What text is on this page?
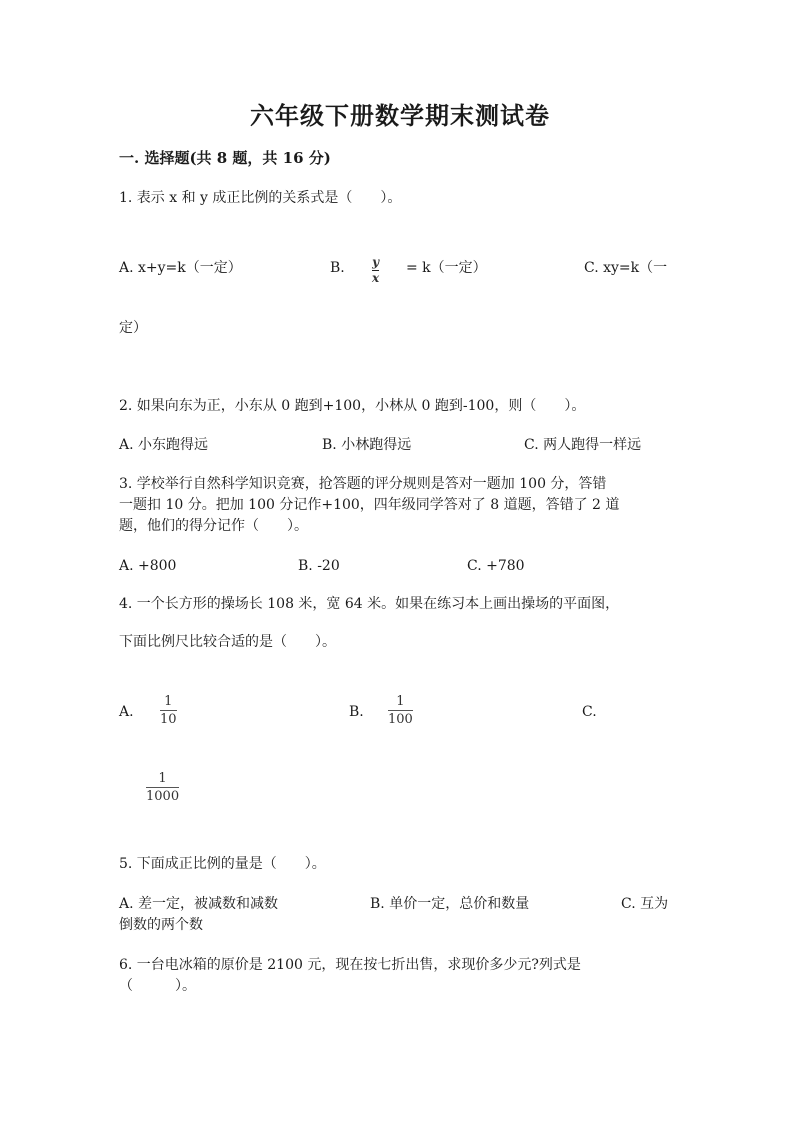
六年级下册数学期末测试卷
一. 选择题(共 8 题，共 16 分)
1. 表示 x 和 y 成正比例的关系式是（　　）。
A. x+y=k（一定）	B. y
x
= k（一定）	C. xy=k（一
定）
2. 如果向东为正，小东从 0 跑到+100，小林从 0 跑到-100，则（　　）。
A. 小东跑得远	B. 小林跑得远	C. 两人跑得一样远
3. 学校举行自然科学知识竞赛，抢答题的评分规则是答对一题加 100 分，答错
一题扣 10 分。把加 100 分记作+100，四年级同学答对了 8 道题，答错了 2 道
题，他们的得分记作（　　）。
A. +800	B. -20	C. +780
4. 一个长方形的操场长 108 米，宽 64 米。如果在练习本上画出操场的平面图，
下面比例尺比较合适的是（　　）。
A.
1
10	B.
1
100	C.
1
1000
5. 下面成正比例的量是（　　）。
A. 差一定，被减数和减数	B. 单价一定，总价和数量	C. 互为
倒数的两个数
6. 一台电冰箱的原价是 2100 元，现在按七折出售，求现价多少元?列式是
（　　　）。
